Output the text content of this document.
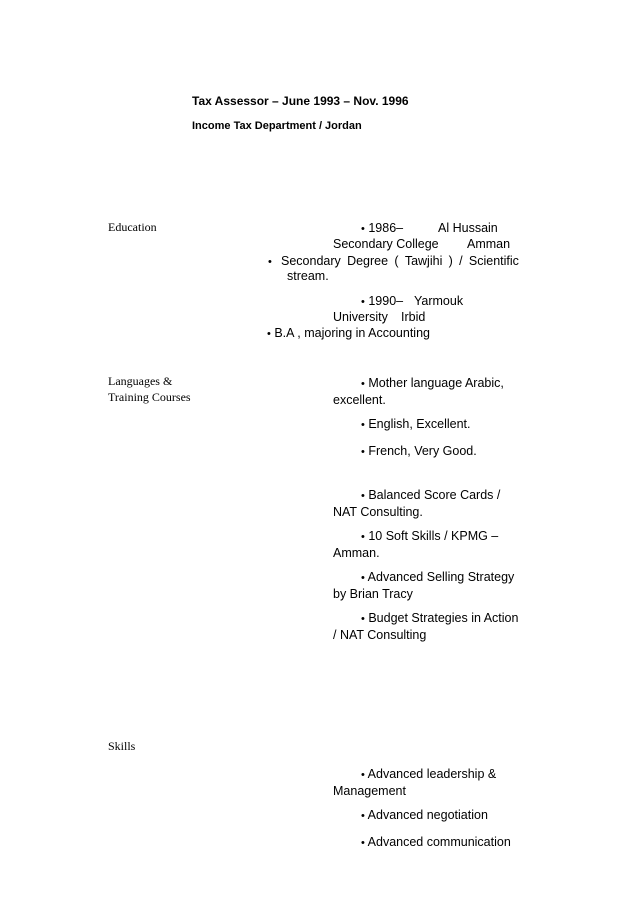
Tax Assessor – June 1993 – Nov. 1996
Income Tax Department / Jordan
Education	• 1986–	Al Hussain
Secondary College Amman
• Secondary Degree ( Tawjihi ) / Scientific
stream.
• 1990– Yarmouk
University Irbid
• B.A , majoring in Accounting
Languages &
Training Courses
• Mother language Arabic,
excellent.
• English, Excellent.
• French, Very Good.
• Balanced Score Cards /
NAT Consulting.
• 10 Soft Skills / KPMG –
Amman.
• Advanced Selling Strategy
by Brian Tracy
• Budget Strategies in Action
/ NAT Consulting
Skills
• Advanced leadership &
Management
• Advanced negotiation
• Advanced communication
